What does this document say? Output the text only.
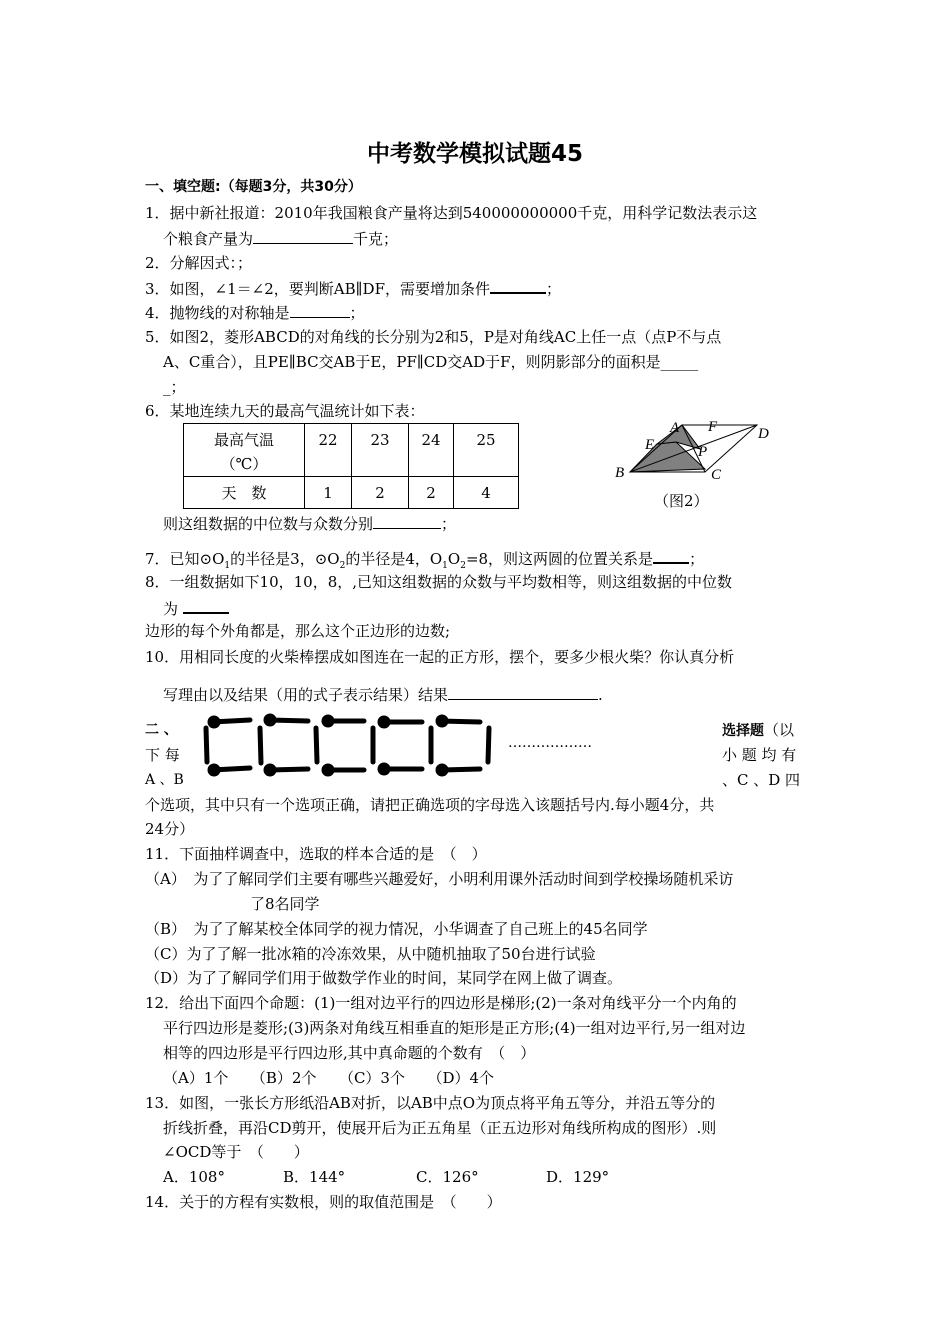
中考数学模拟试题45
一、填空题:（每题3分，共30分）
1．据中新社报道：2010年我国粮食产量将达到540000000000千克，用科学记数法表示这
个粮食产量为	千克；
2．分解因式：；
3．如图，∠1＝∠2，要判断AB∥DF，需要增加条件	；
4．抛物线的对称轴是	；
5．如图2，菱形ABCD的对角线的长分别为2和5，P是对角线AC上任一点（点P不与点
A、C重合），且PE∥BC交AB于E，PF∥CD交AD于F，则阴影部分的面积是_____
_；
6．某地连续九天的最高气温统计如下表：
最高气温
（℃）	22	23	24	25
天　数	1	2	2	4
A F	D
E	P
B	C
（图2）
则这组数据的中位数与众数分别	；
7．已知$⊙O_1$的半径是3，$⊙O_2$的半径是4，$O_1O_2=8$，则这两圆的位置关系是 ；
8．一组数据如下10，10，8，,已知这组数据的众数与平均数相等，则这组数据的中位数
为
边形的每个外角都是，那么这个正边形的边数;
10．用相同长度的火柴棒摆成如图连在一起的正方形，摆个，要多少根火柴？你认真分析
写理由以及结果（用的式子表示结果）结果	.
………………
二 、
下 每
A 、B
选择题（以
小 题 均 有
、C 、D 四
个选项，其中只有一个选项正确，请把正确选项的字母选入该题括号内.每小题4分，共
24分）
11．下面抽样调查中，选取的样本合适的是　（　）
（A）　为了了解同学们主要有哪些兴趣爱好，小明利用课外活动时间到学校操场随机采访
了8名同学
（B）　为了了解某校全体同学的视力情况，小华调查了自己班上的45名同学
（C）为了了解一批冰箱的冷冻效果，从中随机抽取了50台进行试验
（D）为了了解同学们用于做数学作业的时间，某同学在网上做了调查。
12．给出下面四个命题：(1)一组对边平行的四边形是梯形;(2)一条对角线平分一个内角的
平行四边形是菱形;(3)两条对角线互相垂直的矩形是正方形;(4)一组对边平行,另一组对边
相等的四边形是平行四边形,其中真命题的个数有　（　）
（A）1个　　（B）2个　　（C）3个　　（D）4个
13．如图，一张长方形纸沿AB对折，以AB中点O为顶点将平角五等分，并沿五等分的
折线折叠，再沿CD剪开，使展开后为正五角星（正五边形对角线所构成的图形）.则
∠OCD等于　（　　）
A．108°	B．144°	C．126°	D．129°
14．关于的方程有实数根，则的取值范围是　（　　）
